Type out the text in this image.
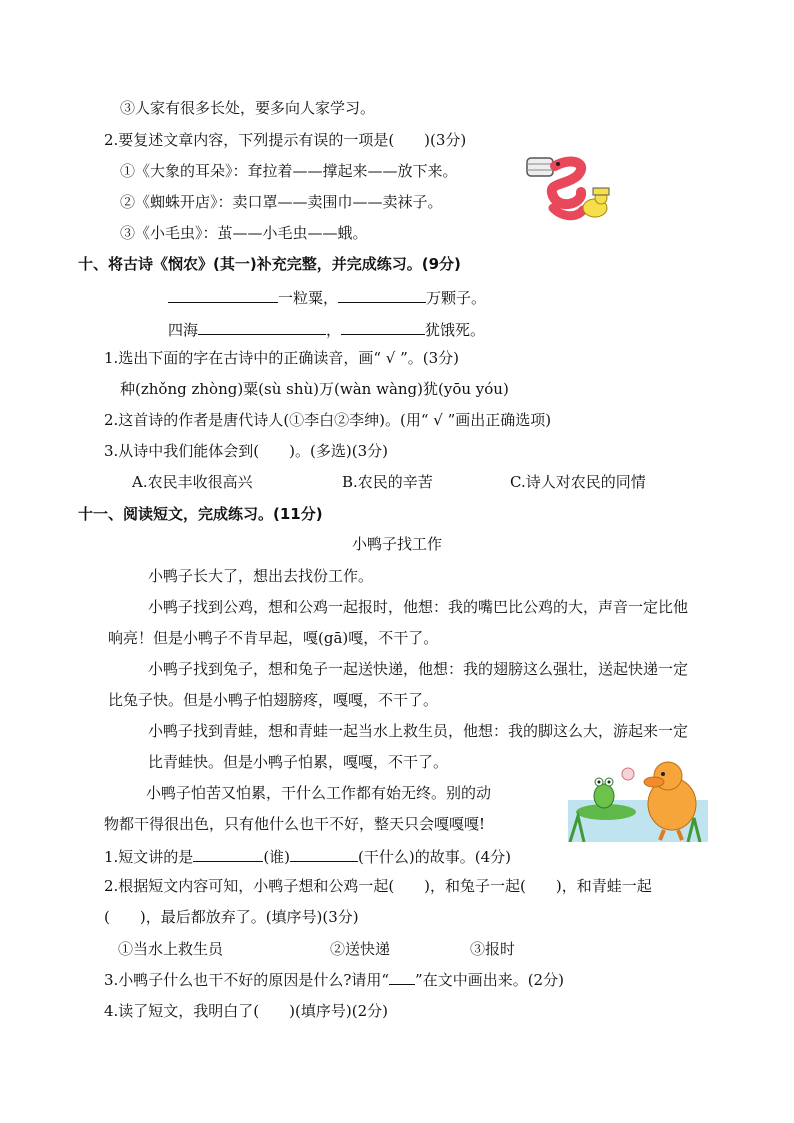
③人家有很多长处，要多向人家学习。
2.要复述文章内容，下列提示有误的一项是(　　)(3分)
①《大象的耳朵》：耷拉着——撑起来——放下来。
②《蜘蛛开店》：卖口罩——卖围巾——卖袜子。
③《小毛虫》：茧——小毛虫——蛾。
十、将古诗《悯农》(其一)补充完整，并完成练习。(9分)
一粒粟，	万颗子。
四海	，	犹饿死。
1.选出下面的字在古诗中的正确读音，画“ √ ”。(3分)
种(zhǒng zhòng)粟(sù shù)万(wàn wàng)犹(yōu yóu)
2.这首诗的作者是唐代诗人(①李白②李绅)。(用“ √ ”画出正确选项)
3.从诗中我们能体会到(　　)。(多选)(3分)
A.农民丰收很高兴	B.农民的辛苦	C.诗人对农民的同情
十一、阅读短文，完成练习。(11分)
小鸭子找工作
小鸭子长大了，想出去找份工作。
小鸭子找到公鸡，想和公鸡一起报时，他想：我的嘴巴比公鸡的大，声音一定比他
响亮！但是小鸭子不肯早起，嘎(gā)嘎，不干了。
小鸭子找到兔子，想和兔子一起送快递，他想：我的翅膀这么强壮，送起快递一定
比兔子快。但是小鸭子怕翅膀疼，嘎嘎，不干了。
小鸭子找到青蛙，想和青蛙一起当水上救生员，他想：我的脚这么大，游起来一定
比青蛙快。但是小鸭子怕累，嘎嘎，不干了。
小鸭子怕苦又怕累，干什么工作都有始无终。别的动
物都干得很出色，只有他什么也干不好，整天只会嘎嘎嘎!
1.短文讲的是	(谁)	(干什么)的故事。(4分)
2.根据短文内容可知，小鸭子想和公鸡一起(　　)，和兔子一起(　　)，和青蛙一起
(　　)，最后都放弃了。(填序号)(3分)
①当水上救生员	②送快递	③报时
3.小鸭子什么也干不好的原因是什么?请用“ ”在文中画出来。(2分)
4.读了短文，我明白了(　　)(填序号)(2分)
